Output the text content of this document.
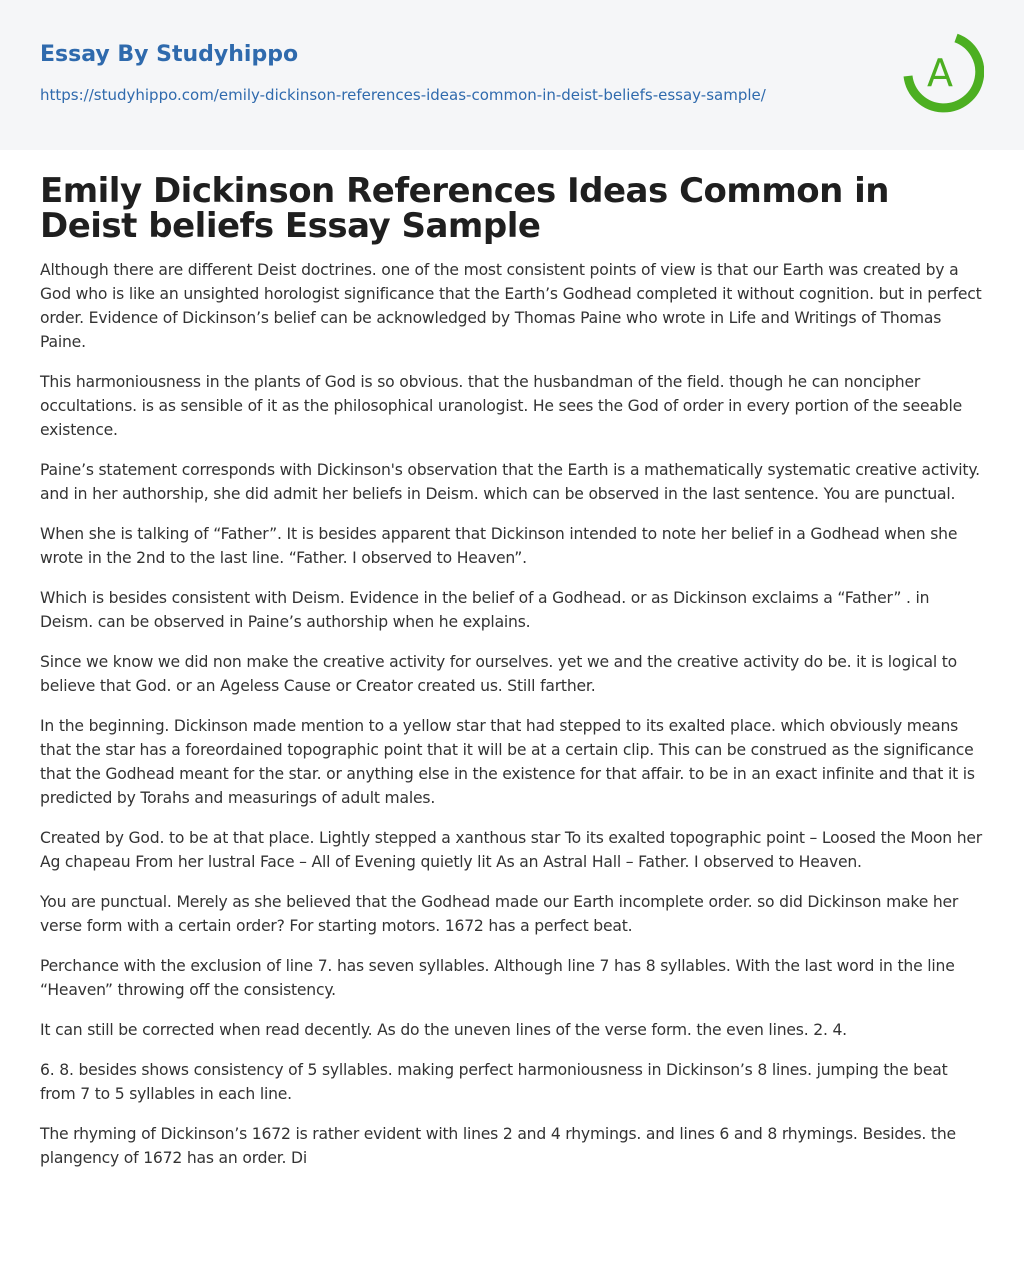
Essay By Studyhippo
https://studyhippo.com/emily-dickinson-references-ideas-common-in-deist-beliefs-essay-sample/	A
Emily Dickinson References Ideas Common in Deist beliefs Essay Sample

Although there are different Deist doctrines. one of the most consistent points of view is that our Earth was created by a God who is like an unsighted horologist significance that the Earth’s Godhead completed it without cognition. but in perfect order. Evidence of Dickinson’s belief can be acknowledged by Thomas Paine who wrote in Life and Writings of Thomas Paine.

This harmoniousness in the plants of God is so obvious. that the husbandman of the field. though he can noncipher occultations. is as sensible of it as the philosophical uranologist. He sees the God of order in every portion of the seeable existence.

Paine’s statement corresponds with Dickinson's observation that the Earth is a mathematically systematic creative activity. and in her authorship, she did admit her beliefs in Deism. which can be observed in the last sentence. You are punctual.

When she is talking of “Father”. It is besides apparent that Dickinson intended to note her belief in a Godhead when she wrote in the 2nd to the last line. “Father. I observed to Heaven”.

Which is besides consistent with Deism. Evidence in the belief of a Godhead. or as Dickinson exclaims a “Father” . in Deism. can be observed in Paine’s authorship when he explains.

Since we know we did non make the creative activity for ourselves. yet we and the creative activity do be. it is logical to believe that God. or an Ageless Cause or Creator created us. Still farther.

In the beginning. Dickinson made mention to a yellow star that had stepped to its exalted place. which obviously means that the star has a foreordained topographic point that it will be at a certain clip. This can be construed as the significance that the Godhead meant for the star. or anything else in the existence for that affair. to be in an exact infinite and that it is predicted by Torahs and measurings of adult males.

Created by God. to be at that place. Lightly stepped a xanthous star To its exalted topographic point – Loosed the Moon her Ag chapeau From her lustral Face – All of Evening quietly lit As an Astral Hall – Father. I observed to Heaven.

You are punctual. Merely as she believed that the Godhead made our Earth incomplete order. so did Dickinson make her verse form with a certain order? For starting motors. 1672 has a perfect beat.

Perchance with the exclusion of line 7. has seven syllables. Although line 7 has 8 syllables. With the last word in the line “Heaven” throwing off the consistency.

It can still be corrected when read decently. As do the uneven lines of the verse form. the even lines. 2. 4.

6. 8. besides shows consistency of 5 syllables. making perfect harmoniousness in Dickinson’s 8 lines. jumping the beat from 7 to 5 syllables in each line.

The rhyming of Dickinson’s 1672 is rather evident with lines 2 and 4 rhymings. and lines 6 and 8 rhymings. Besides. the plangency of 1672 has an order. Di
